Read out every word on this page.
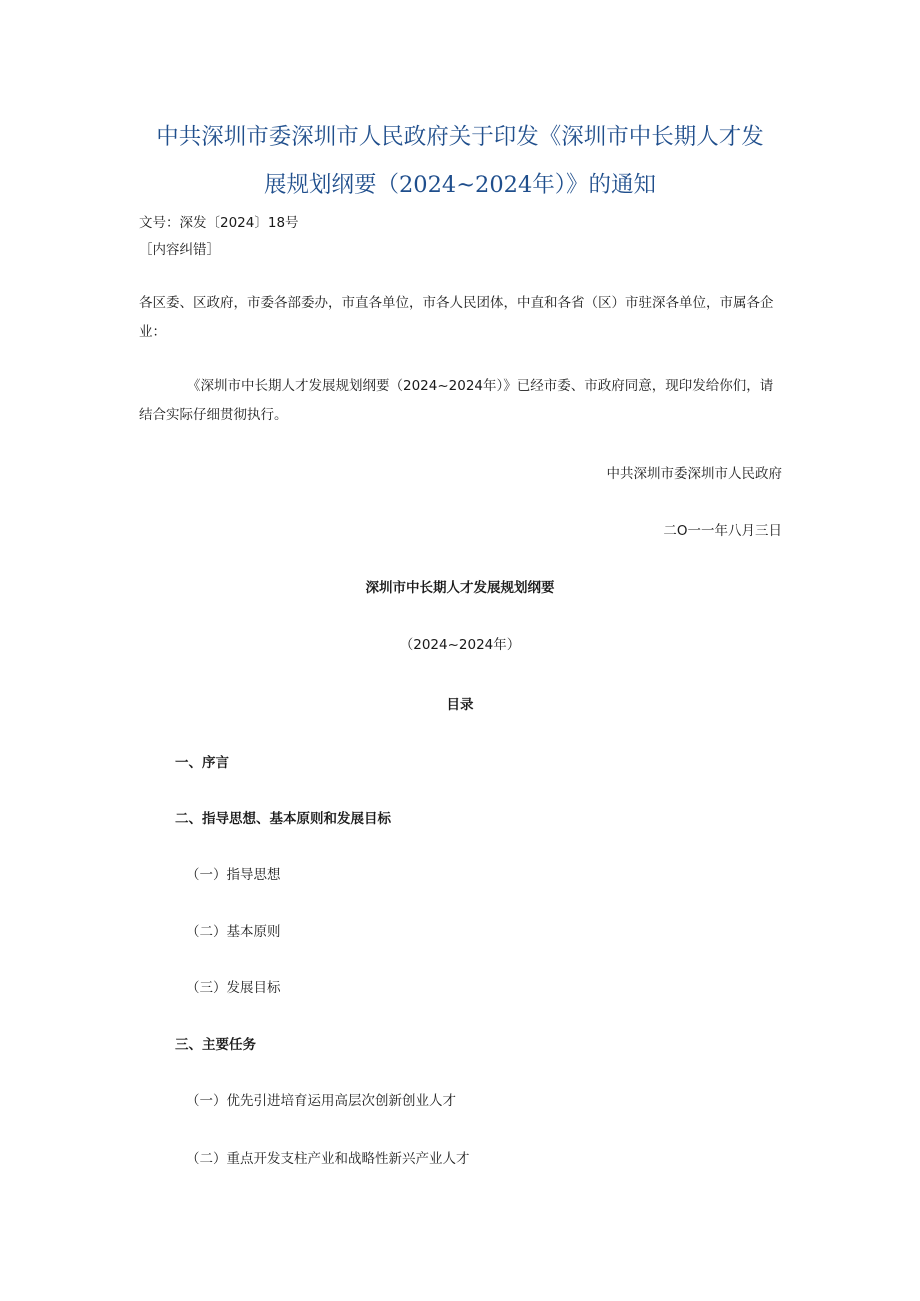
中共深圳市委深圳市人民政府关于印发《深圳市中长期人才发
展规划纲要（2024~2024年）》的通知
文号：深发〔2024〕18号
［内容纠错］
各区委、区政府，市委各部委办，市直各单位，市各人民团体，中直和各省（区）市驻深各单位，市属各企业：
《深圳市中长期人才发展规划纲要（2024~2024年）》已经市委、市政府同意，现印发给你们，请结合实际仔细贯彻执行。
中共深圳市委深圳市人民政府
二O一一年八月三日
深圳市中长期人才发展规划纲要
（2024~2024年）
目录
一、序言
二、指导思想、基本原则和发展目标
（一）指导思想
（二）基本原则
（三）发展目标
三、主要任务
（一）优先引进培育运用高层次创新创业人才
（二）重点开发支柱产业和战略性新兴产业人才
